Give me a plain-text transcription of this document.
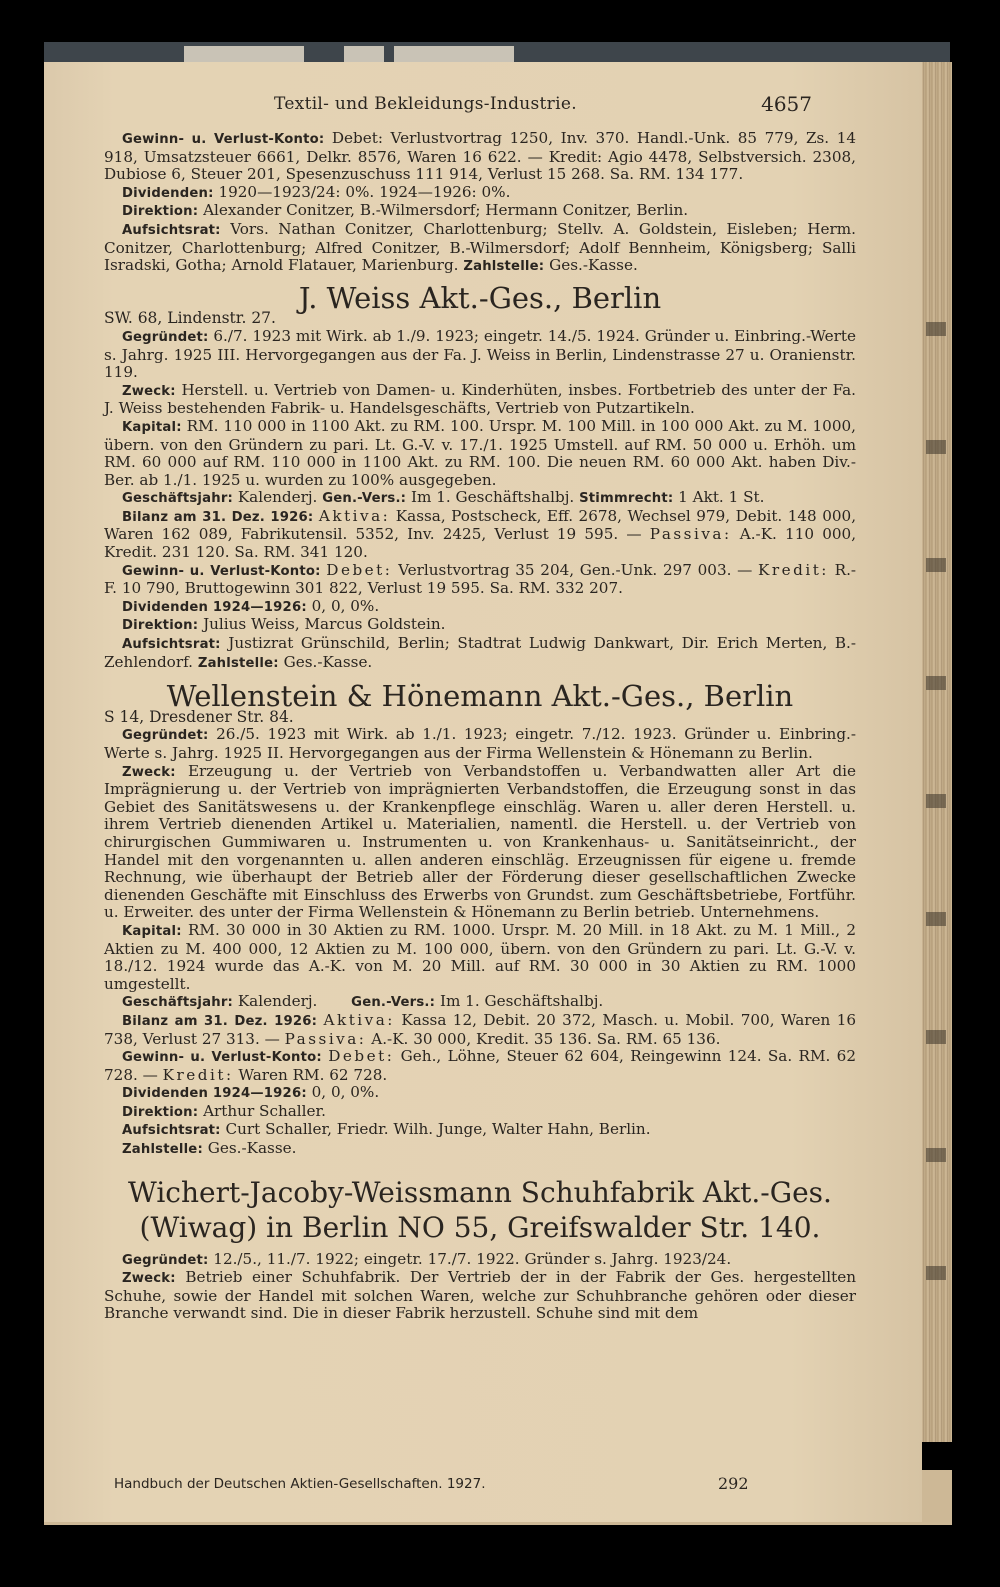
Textil- und Bekleidungs-Industrie.	4657

Gewinn- u. Verlust-Konto: Debet: Verlustvortrag 1250, Inv. 370. Handl.-Unk. 85 779, Zs. 14 918, Umsatzsteuer 6661, Delkr. 8576, Waren 16 622. — Kredit: Agio 4478, Selbstversich. 2308, Dubiose 6, Steuer 201, Spesenzuschuss 111 914, Verlust 15 268. Sa. RM. 134 177.

Dividenden: 1920—1923/24: 0%. 1924—1926: 0%.

Direktion: Alexander Conitzer, B.-Wilmersdorf; Hermann Conitzer, Berlin.

Aufsichtsrat: Vors. Nathan Conitzer, Charlottenburg; Stellv. A. Goldstein, Eisleben; Herm. Conitzer, Charlottenburg; Alfred Conitzer, B.-Wilmersdorf; Adolf Bennheim, Königsberg; Salli Isradski, Gotha; Arnold Flatauer, Marienburg. Zahlstelle: Ges.-Kasse.

J. Weiss Akt.-Ges., Berlin

SW. 68, Lindenstr. 27.

Gegründet: 6./7. 1923 mit Wirk. ab 1./9. 1923; eingetr. 14./5. 1924. Gründer u. Einbring.-Werte s. Jahrg. 1925 III. Hervorgegangen aus der Fa. J. Weiss in Berlin, Lindenstrasse 27 u. Oranienstr. 119.

Zweck: Herstell. u. Vertrieb von Damen- u. Kinderhüten, insbes. Fortbetrieb des unter der Fa. J. Weiss bestehenden Fabrik- u. Handelsgeschäfts, Vertrieb von Putzartikeln.

Kapital: RM. 110 000 in 1100 Akt. zu RM. 100. Urspr. M. 100 Mill. in 100 000 Akt. zu M. 1000, übern. von den Gründern zu pari. Lt. G.-V. v. 17./1. 1925 Umstell. auf RM. 50 000 u. Erhöh. um RM. 60 000 auf RM. 110 000 in 1100 Akt. zu RM. 100. Die neuen RM. 60 000 Akt. haben Div.-Ber. ab 1./1. 1925 u. wurden zu 100% ausgegeben.

Geschäftsjahr: Kalenderj. Gen.-Vers.: Im 1. Geschäftshalbj. Stimmrecht: 1 Akt. 1 St.

Bilanz am 31. Dez. 1926: Aktiva: Kassa, Postscheck, Eff. 2678, Wechsel 979, Debit. 148 000, Waren 162 089, Fabrikutensil. 5352, Inv. 2425, Verlust 19 595. — Passiva: A.-K. 110 000, Kredit. 231 120. Sa. RM. 341 120.

Gewinn- u. Verlust-Konto: Debet: Verlustvortrag 35 204, Gen.-Unk. 297 003. — Kredit: R.-F. 10 790, Bruttogewinn 301 822, Verlust 19 595. Sa. RM. 332 207.

Dividenden 1924—1926: 0, 0, 0%.

Direktion: Julius Weiss, Marcus Goldstein.

Aufsichtsrat: Justizrat Grünschild, Berlin; Stadtrat Ludwig Dankwart, Dir. Erich Merten, B.-Zehlendorf. Zahlstelle: Ges.-Kasse.

Wellenstein & Hönemann Akt.-Ges., Berlin

S 14, Dresdener Str. 84.

Gegründet: 26./5. 1923 mit Wirk. ab 1./1. 1923; eingetr. 7./12. 1923. Gründer u. Einbring.-Werte s. Jahrg. 1925 II. Hervorgegangen aus der Firma Wellenstein & Hönemann zu Berlin.

Zweck: Erzeugung u. der Vertrieb von Verbandstoffen u. Verbandwatten aller Art die Imprägnierung u. der Vertrieb von imprägnierten Verbandstoffen, die Erzeugung sonst in das Gebiet des Sanitätswesens u. der Krankenpflege einschläg. Waren u. aller deren Herstell. u. ihrem Vertrieb dienenden Artikel u. Materialien, namentl. die Herstell. u. der Vertrieb von chirurgischen Gummiwaren u. Instrumenten u. von Krankenhaus- u. Sanitätseinricht., der Handel mit den vorgenannten u. allen anderen einschläg. Erzeugnissen für eigene u. fremde Rechnung, wie überhaupt der Betrieb aller der Förderung dieser gesellschaftlichen Zwecke dienenden Geschäfte mit Einschluss des Erwerbs von Grundst. zum Geschäftsbetriebe, Fortführ. u. Erweiter. des unter der Firma Wellenstein & Hönemann zu Berlin betrieb. Unternehmens.

Kapital: RM. 30 000 in 30 Aktien zu RM. 1000. Urspr. M. 20 Mill. in 18 Akt. zu M. 1 Mill., 2 Aktien zu M. 400 000, 12 Aktien zu M. 100 000, übern. von den Gründern zu pari. Lt. G.-V. v. 18./12. 1924 wurde das A.-K. von M. 20 Mill. auf RM. 30 000 in 30 Aktien zu RM. 1000 umgestellt.

Geschäftsjahr: Kalenderj.	Gen.-Vers.: Im 1. Geschäftshalbj.

Bilanz am 31. Dez. 1926: Aktiva: Kassa 12, Debit. 20 372, Masch. u. Mobil. 700, Waren 16 738, Verlust 27 313. — Passiva: A.-K. 30 000, Kredit. 35 136. Sa. RM. 65 136.

Gewinn- u. Verlust-Konto: Debet: Geh., Löhne, Steuer 62 604, Reingewinn 124. Sa. RM. 62 728. — Kredit: Waren RM. 62 728.

Dividenden 1924—1926: 0, 0, 0%.

Direktion: Arthur Schaller.

Aufsichtsrat: Curt Schaller, Friedr. Wilh. Junge, Walter Hahn, Berlin.

Zahlstelle: Ges.-Kasse.

Wichert-Jacoby-Weissmann Schuhfabrik Akt.-Ges.
(Wiwag) in Berlin NO 55, Greifswalder Str. 140.

Gegründet: 12./5., 11./7. 1922; eingetr. 17./7. 1922. Gründer s. Jahrg. 1923/24.

Zweck: Betrieb einer Schuhfabrik. Der Vertrieb der in der Fabrik der Ges. hergestellten Schuhe, sowie der Handel mit solchen Waren, welche zur Schuhbranche gehören oder dieser Branche verwandt sind. Die in dieser Fabrik herzustell. Schuhe sind mit dem

Handbuch der Deutschen Aktien-Gesellschaften. 1927.	292
